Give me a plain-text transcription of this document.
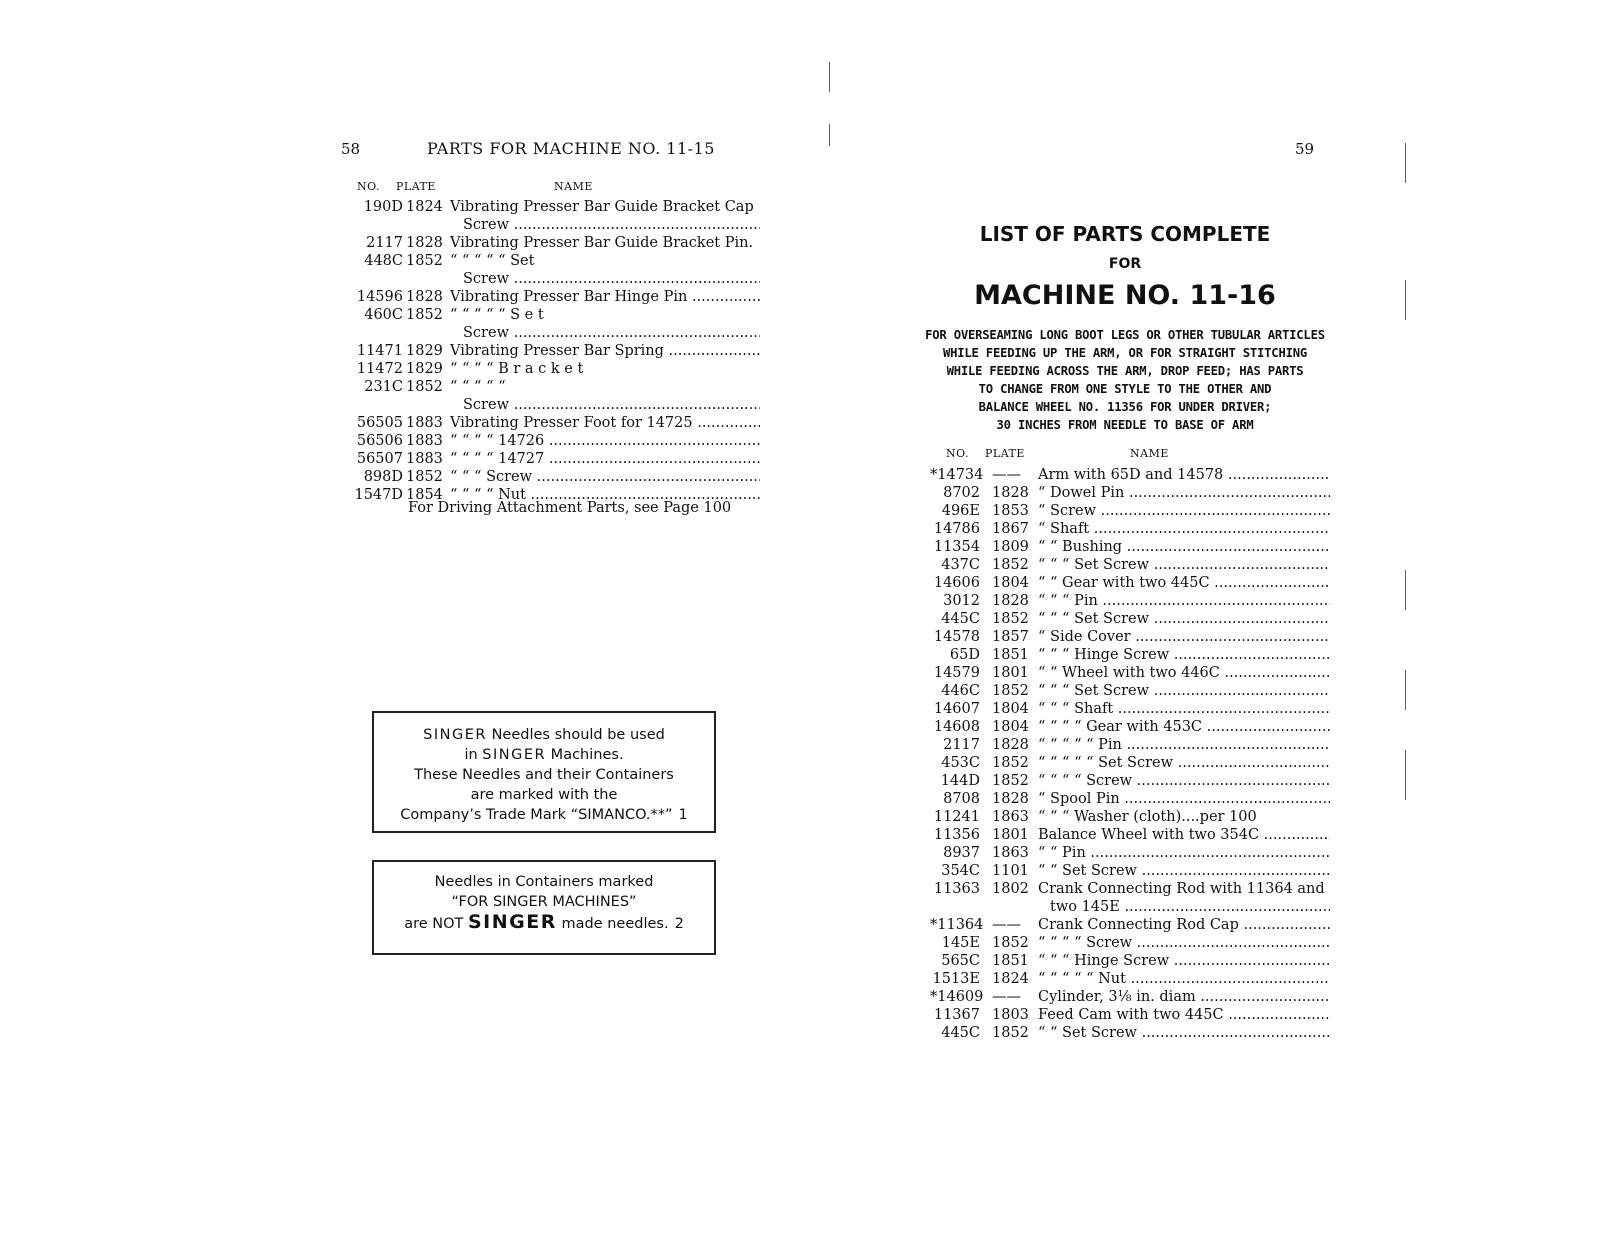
58	PARTS FOR MACHINE NO. 11-15
NO. PLATE	NAME
190D 1824 Vibrating Presser Bar Guide Bracket Cap
Screw .....
2117 1828 Vibrating Presser Bar Guide Bracket Pin.
448C 1852 “ “ “ “ “ Set
Screw .....
14596 1828 Vibrating Presser Bar Hinge Pin .....
460C 1852 “ “ “ “ “ S e t
Screw .....
11471 1829 Vibrating Presser Bar Spring .....
11472 1829 “ “ “ “ B r a c k e t
231C 1852 “ “ “ “ “
Screw .....
56505 1883 Vibrating Presser Foot for 14725 .....
56506 1883 “ “ “ “ 14726 .....
56507 1883 “ “ “ “ 14727 .....
898D 1852 “ “ “ Screw .....
1547D 1854 “ “ “ “ Nut .....
For Driving Attachment Parts, see Page 100
SINGER Needles should be used
in SINGER Machines.
These Needles and their Containers
are marked with the
Company’s Trade Mark “SIMANCO.**” 1
Needles in Containers marked
“FOR SINGER MACHINES”
are NOT SINGER made needles. 2
59
LIST OF PARTS COMPLETE
FOR
MACHINE NO. 11-16
FOR OVERSEAMING LONG BOOT LEGS OR OTHER TUBULAR ARTICLES
WHILE FEEDING UP THE ARM, OR FOR STRAIGHT STITCHING
WHILE FEEDING ACROSS THE ARM, DROP FEED; HAS PARTS
TO CHANGE FROM ONE STYLE TO THE OTHER AND
BALANCE WHEEL NO. 11356 FOR UNDER DRIVER;
30 INCHES FROM NEEDLE TO BASE OF ARM
NO. PLATE	NAME
*14734 ——	Arm with 65D and 14578 .....
8702 1828 “ Dowel Pin .....
496E 1853 “ Screw .....
14786 1867 “ Shaft .....
11354 1809 “ “ Bushing .....
437C 1852 “ “ “ Set Screw .....
14606 1804 “ “ Gear with two 445C .....
3012 1828 “ “ “ Pin .....
445C 1852 “ “ “ Set Screw .....
14578 1857 “ Side Cover .....
65D 1851 “ “ “ Hinge Screw .....
14579 1801 “ “ Wheel with two 446C .....
446C 1852 “ “ “ Set Screw .....
14607 1804 “ “ “ Shaft .....
14608 1804 “ “ “ “ Gear with 453C .....
2117 1828 “ “ “ “ “ Pin .....
453C 1852 “ “ “ “ “ Set Screw .....
144D 1852 “ “ “ “ Screw .....
8708 1828 “ Spool Pin .....
11241 1863 “ “ “ Washer (cloth)....per 100
11356 1801 Balance Wheel with two 354C .....
8937 1863 “ “ Pin .....
354C 1101 “ “ Set Screw .....
11363 1802 Crank Connecting Rod with 11364 and
two 145E .....
*11364 ——	Crank Connecting Rod Cap .....
145E 1852 “ “ “ “ Screw .....
565C 1851 “ “ “ Hinge Screw .....
1513E 1824 “ “ “ “ “ Nut .....
*14609 ——	Cylinder, 3⅛ in. diam .....
11367 1803 Feed Cam with two 445C .....
445C 1852 “ “ Set Screw .....
